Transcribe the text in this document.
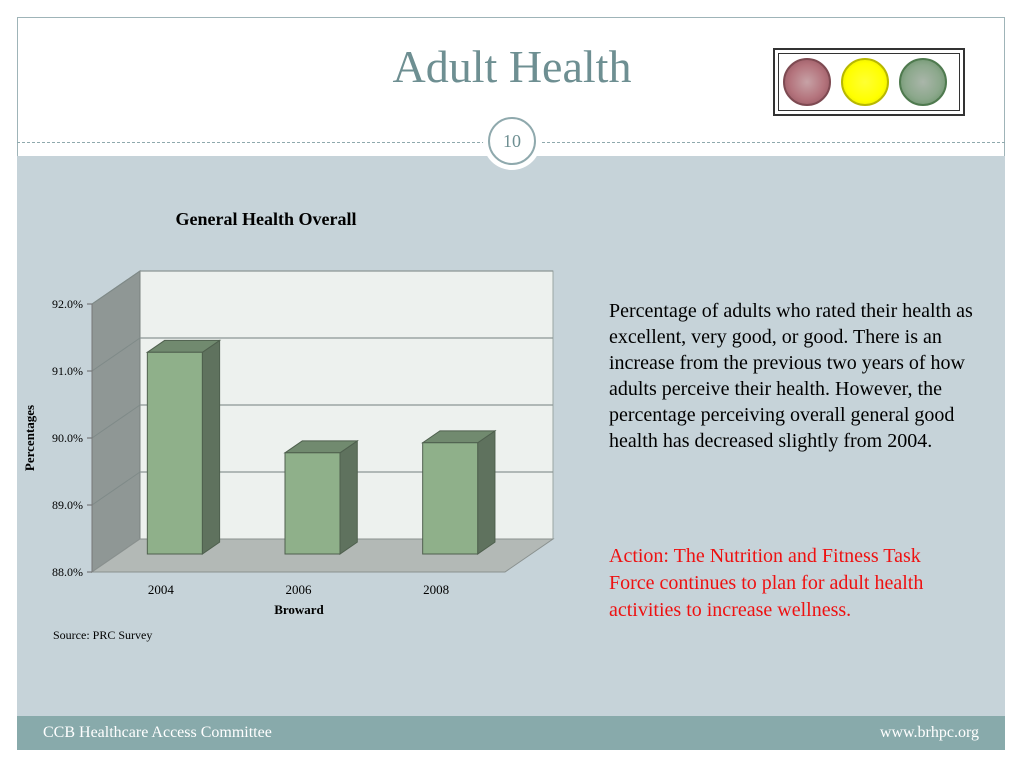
Adult Health
10
88.0%
89.0%
90.0%
91.0%
92.0%
2004	2006	2008
General Health Overall
Broward
Percentages
Percentage of adults who rated their health as excellent, very good, or good. There is an increase from the previous two years of how adults perceive their health. However, the percentage perceiving overall general good health has decreased slightly from 2004.
Action: The Nutrition and Fitness Task Force continues to plan for adult health activities to increase wellness.
Source: PRC Survey
CCB Healthcare Access Committee	www.brhpc.org
